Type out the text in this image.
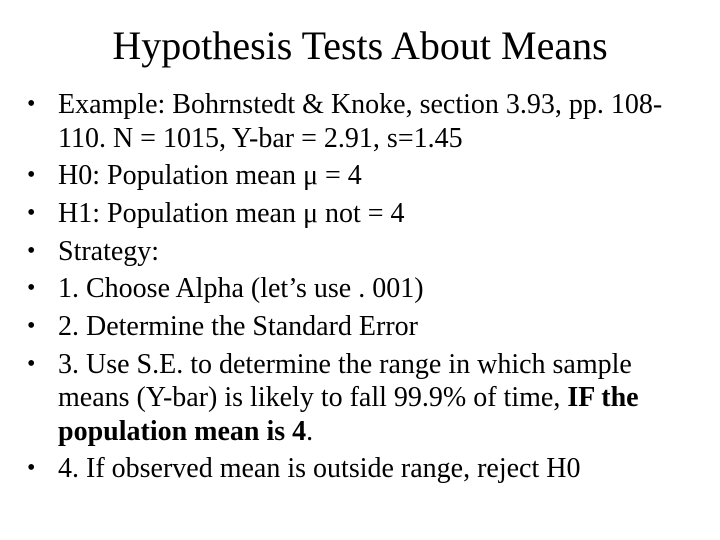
Hypothesis Tests About Means
• Example: Bohrnstedt & Knoke, section 3.93, pp. 108-110. N = 1015, Y-bar = 2.91, s=1.45
• H0: Population mean μ = 4
• H1: Population mean μ not = 4
• Strategy:
• 1. Choose Alpha (let’s use . 001)
• 2. Determine the Standard Error
• 3. Use S.E. to determine the range in which sample means (Y-bar) is likely to fall 99.9% of time, IF the population mean is 4.
• 4. If observed mean is outside range, reject H0
